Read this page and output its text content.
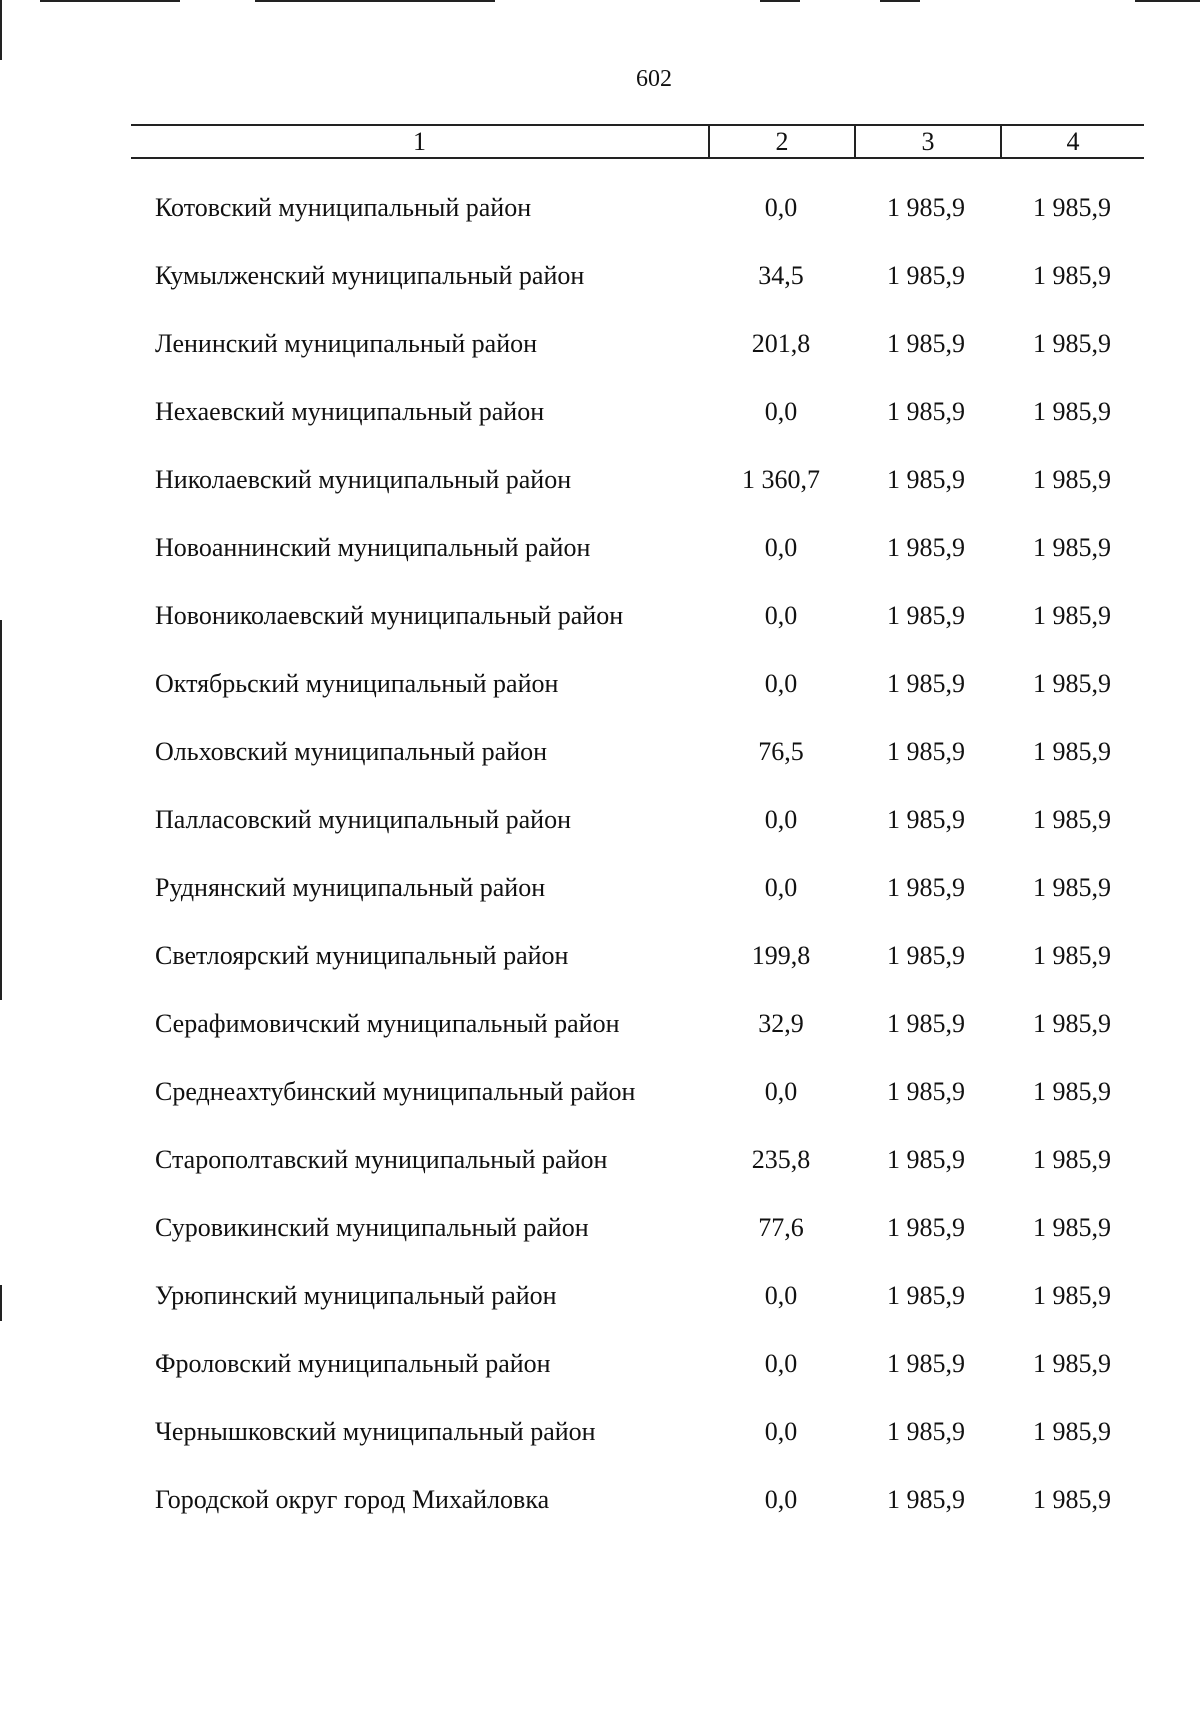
602
1	2	3	4
Котовский муниципальный район	0,0	1 985,9	1 985,9
Кумылженский муниципальный район	34,5	1 985,9	1 985,9
Ленинский муниципальный район	201,8	1 985,9	1 985,9
Нехаевский муниципальный район	0,0	1 985,9	1 985,9
Николаевский муниципальный район	1 360,7	1 985,9	1 985,9
Новоаннинский муниципальный район	0,0	1 985,9	1 985,9
Новониколаевский муниципальный район	0,0	1 985,9	1 985,9
Октябрьский муниципальный район	0,0	1 985,9	1 985,9
Ольховский муниципальный район	76,5	1 985,9	1 985,9
Палласовский муниципальный район	0,0	1 985,9	1 985,9
Руднянский муниципальный район	0,0	1 985,9	1 985,9
Светлоярский муниципальный район	199,8	1 985,9	1 985,9
Серафимовичский муниципальный район	32,9	1 985,9	1 985,9
Среднеахтубинский муниципальный район	0,0	1 985,9	1 985,9
Старополтавский муниципальный район	235,8	1 985,9	1 985,9
Суровикинский муниципальный район	77,6	1 985,9	1 985,9
Урюпинский муниципальный район	0,0	1 985,9	1 985,9
Фроловский муниципальный район	0,0	1 985,9	1 985,9
Чернышковский муниципальный район	0,0	1 985,9	1 985,9
Городской округ город Михайловка	0,0	1 985,9	1 985,9
